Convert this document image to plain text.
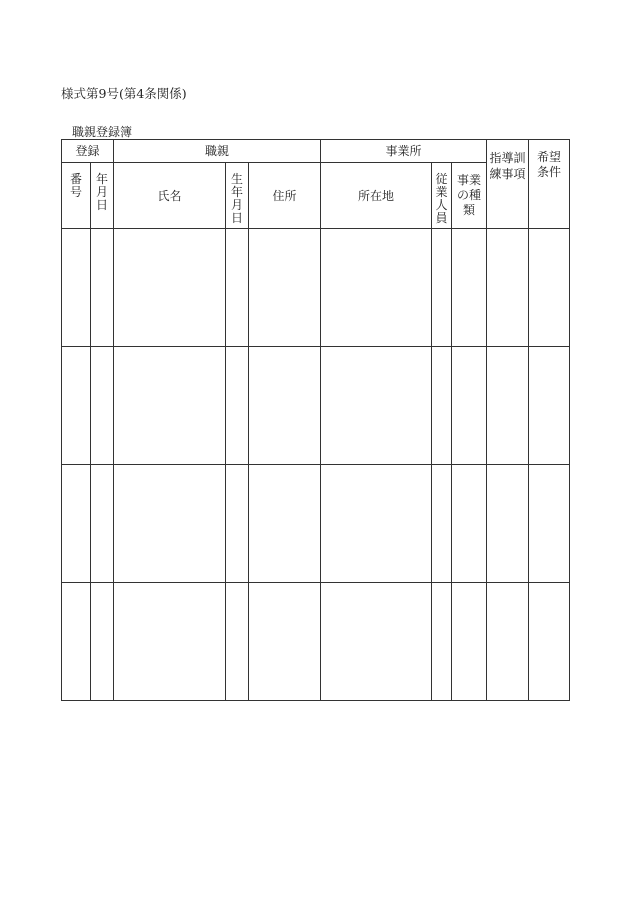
様式第9号(第4条関係)
職親登録簿
登録		職親			事業所			指導訓練事項	希望条件
番号	年月日	氏名	生年月日	住所	所在地	従業人員	事業の種類		
